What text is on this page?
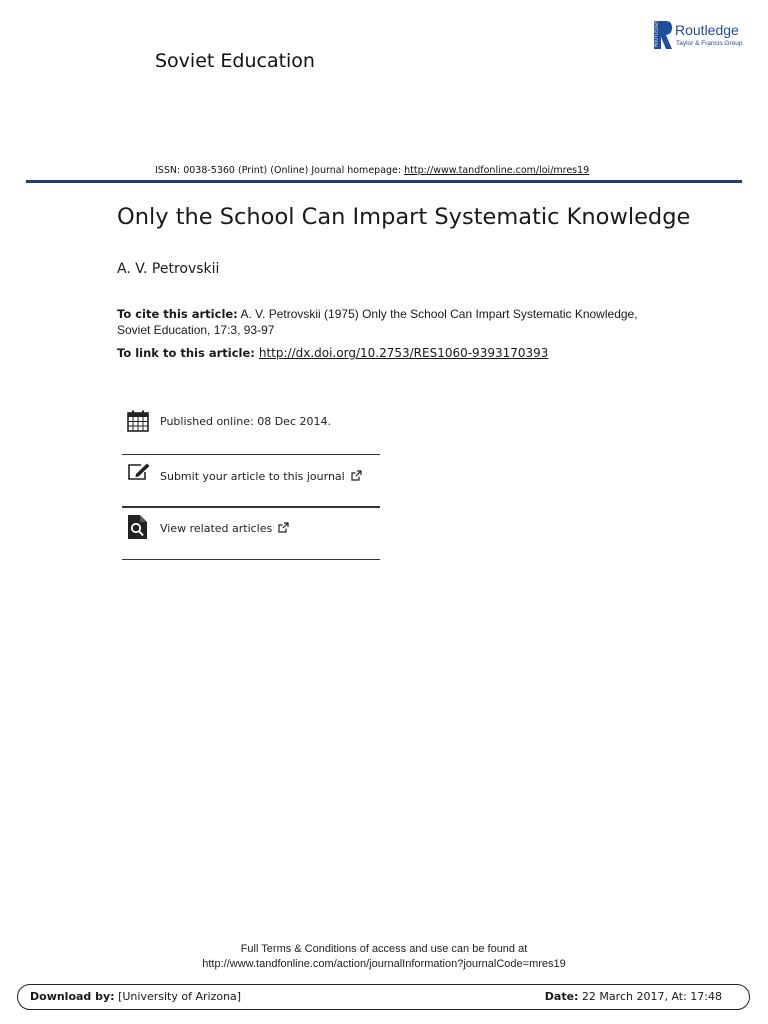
Soviet Education
ROUTLEDGE Routledge
Taylor & Francis Group
ISSN: 0038-5360 (Print) (Online) Journal homepage: http://www.tandfonline.com/loi/mres19
Only the School Can Impart Systematic Knowledge
A. V. Petrovskii
To cite this article: A. V. Petrovskii (1975) Only the School Can Impart Systematic Knowledge, Soviet Education, 17:3, 93-97
To link to this article: http://dx.doi.org/10.2753/RES1060-9393170393
Published online: 08 Dec 2014.
Submit your article to this journal
View related articles
Full Terms & Conditions of access and use can be found at
http://www.tandfonline.com/action/journalInformation?journalCode=mres19
Download by: [University of Arizona]	Date: 22 March 2017, At: 17:48
